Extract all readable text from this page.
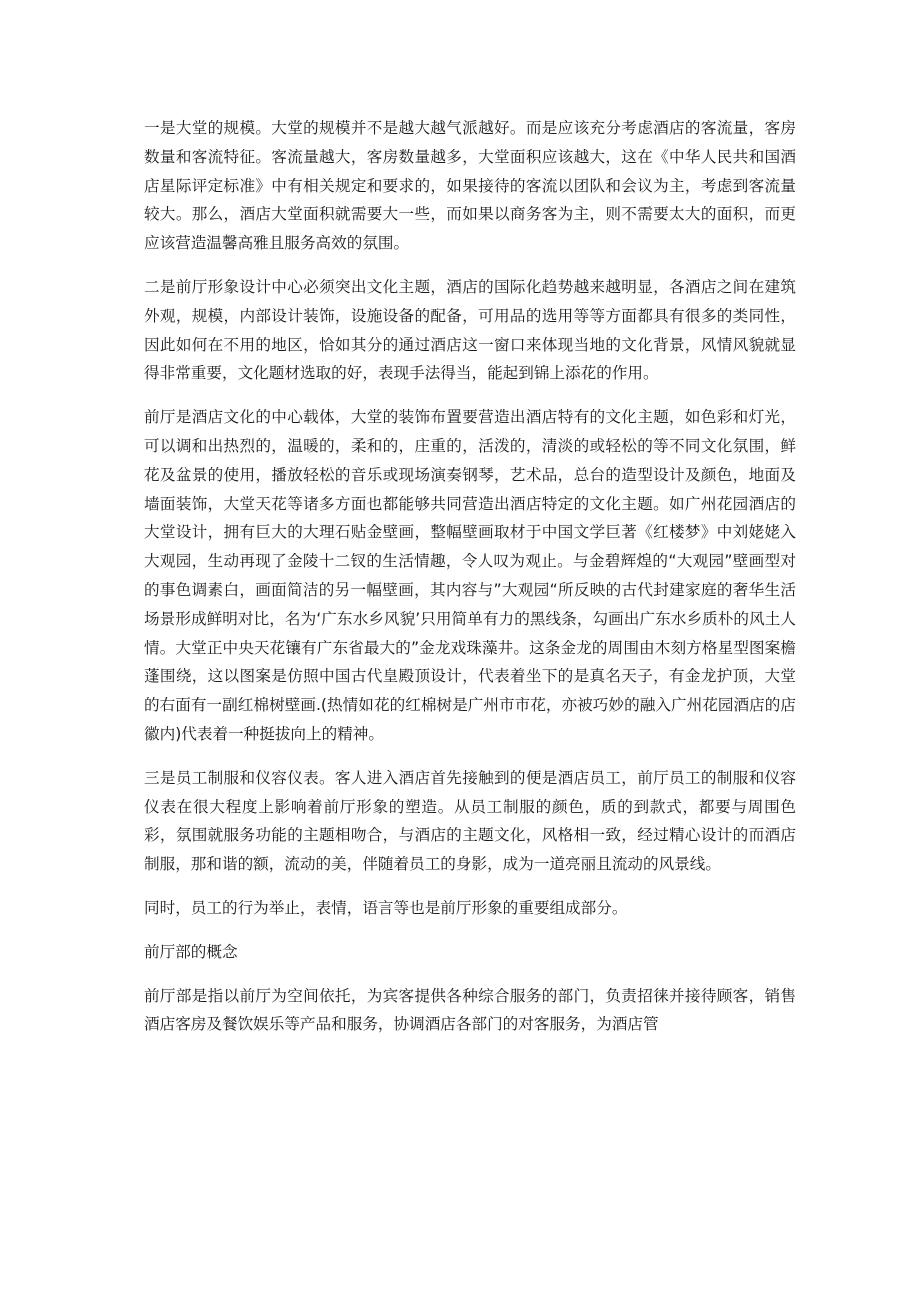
一是大堂的规模。大堂的规模并不是越大越气派越好。而是应该充分考虑酒店的客流量，客房数量和客流特征。客流量越大，客房数量越多，大堂面积应该越大，这在《中华人民共和国酒店星际评定标准》中有相关规定和要求的，如果接待的客流以团队和会议为主，考虑到客流量较大。那么，酒店大堂面积就需要大一些，而如果以商务客为主，则不需要太大的面积，而更应该营造温馨高雅且服务高效的氛围。

二是前厅形象设计中心必须突出文化主题，酒店的国际化趋势越来越明显，各酒店之间在建筑外观，规模，内部设计装饰，设施设备的配备，可用品的选用等等方面都具有很多的类同性，因此如何在不用的地区，恰如其分的通过酒店这一窗口来体现当地的文化背景，风情风貌就显得非常重要，文化题材选取的好，表现手法得当，能起到锦上添花的作用。

前厅是酒店文化的中心载体，大堂的装饰布置要营造出酒店特有的文化主题，如色彩和灯光，可以调和出热烈的，温暖的，柔和的，庄重的，活泼的，清淡的或轻松的等不同文化氛围，鲜花及盆景的使用，播放轻松的音乐或现场演奏钢琴，艺术品，总台的造型设计及颜色，地面及墙面装饰，大堂天花等诸多方面也都能够共同营造出酒店特定的文化主题。如广州花园酒店的大堂设计，拥有巨大的大理石贴金壁画，整幅壁画取材于中国文学巨著《红楼梦》中刘姥姥入大观园，生动再现了金陵十二钗的生活情趣，令人叹为观止。与金碧辉煌的“大观园”壁画型对的事色调素白，画面简洁的另一幅壁画，其内容与”大观园“所反映的古代封建家庭的奢华生活场景形成鲜明对比，名为‘广东水乡风貌’只用简单有力的黑线条，勾画出广东水乡质朴的风土人情。大堂正中央天花镶有广东省最大的”金龙戏珠藻井。这条金龙的周围由木刻方格星型图案檐蓬围绕，这以图案是仿照中国古代皇殿顶设计，代表着坐下的是真名天子，有金龙护顶，大堂的右面有一副红棉树壁画.(热情如花的红棉树是广州市市花，亦被巧妙的融入广州花园酒店的店徽内)代表着一种挺拔向上的精神。

三是员工制服和仪容仪表。客人进入酒店首先接触到的便是酒店员工，前厅员工的制服和仪容仪表在很大程度上影响着前厅形象的塑造。从员工制服的颜色，质的到款式，都要与周围色彩，氛围就服务功能的主题相吻合，与酒店的主题文化，风格相一致，经过精心设计的而酒店制服，那和谐的额，流动的美，伴随着员工的身影，成为一道亮丽且流动的风景线。

同时，员工的行为举止，表情，语言等也是前厅形象的重要组成部分。

前厅部的概念

前厅部是指以前厅为空间依托，为宾客提供各种综合服务的部门，负责招徕并接待顾客，销售酒店客房及餐饮娱乐等产品和服务，协调酒店各部门的对客服务，为酒店管
